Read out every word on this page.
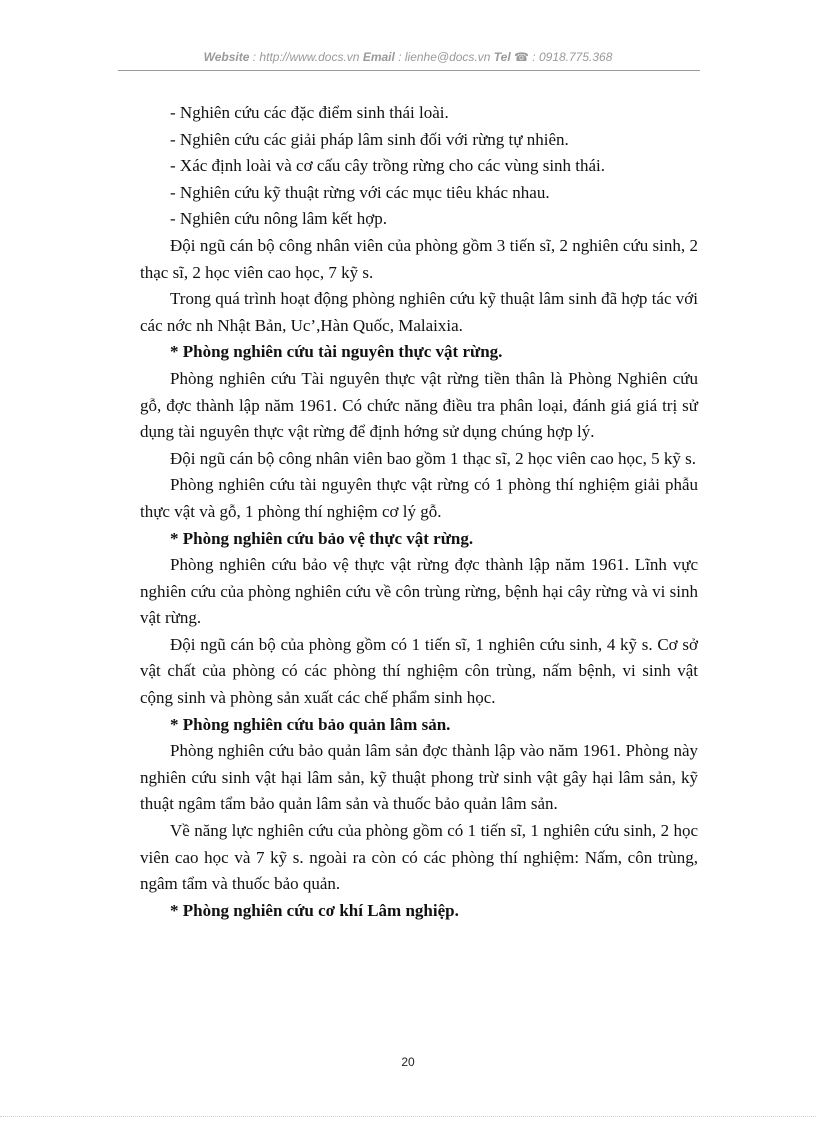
Website : http://www.docs.vn Email : lienhe@docs.vn Tel ☎ : 0918.775.368

- Nghiên cứu các đặc điểm sinh thái loài.

- Nghiên cứu các giải pháp lâm sinh đối với rừng tự nhiên.

- Xác định loài và cơ cấu cây trồng rừng cho các vùng sinh thái.

- Nghiên cứu kỹ thuật rừng với các mục tiêu khác nhau.

- Nghiên cứu nông lâm kết hợp.

Đội ngũ cán bộ công nhân viên của phòng gồm 3 tiến sĩ, 2 nghiên cứu sinh, 2 thạc sĩ, 2 học viên cao học, 7 kỹ s.

Trong quá trình hoạt động phòng nghiên cứu kỹ thuật lâm sinh đã hợp tác với các nớc nh Nhật Bản, Uc’,Hàn Quốc, Malaixia.

* Phòng nghiên cứu tài nguyên thực vật rừng.

Phòng nghiên cứu Tài nguyên thực vật rừng tiền thân là Phòng Nghiên cứu gỗ, đợc thành lập năm 1961. Có chức năng điều tra phân loại, đánh giá giá trị sử dụng tài nguyên thực vật rừng để định hớng sử dụng chúng hợp lý.

Đội ngũ cán bộ công nhân viên bao gồm 1 thạc sĩ, 2 học viên cao học, 5 kỹ s.

Phòng nghiên cứu tài nguyên thực vật rừng có 1 phòng thí nghiệm giải phẫu thực vật và gỗ, 1 phòng thí nghiệm cơ lý gỗ.

* Phòng nghiên cứu bảo vệ thực vật rừng.

Phòng nghiên cứu bảo vệ thực vật rừng đợc thành lập năm 1961. Lĩnh vực nghiên cứu của phòng nghiên cứu về côn trùng rừng, bệnh hại cây rừng và vi sinh vật rừng.

Đội ngũ cán bộ của phòng gồm có 1 tiến sĩ, 1 nghiên cứu sinh, 4 kỹ s. Cơ sở vật chất của phòng có các phòng thí nghiệm côn trùng, nấm bệnh, vi sinh vật cộng sinh và phòng sản xuất các chế phẩm sinh học.

* Phòng nghiên cứu bảo quản lâm sản.

Phòng nghiên cứu bảo quản lâm sản đợc thành lập vào năm 1961. Phòng này nghiên cứu sinh vật hại lâm sản, kỹ thuật phong trừ sinh vật gây hại lâm sản, kỹ thuật ngâm tẩm bảo quản lâm sản và thuốc bảo quản lâm sản.

Về năng lực nghiên cứu của phòng gồm có 1 tiến sĩ, 1 nghiên cứu sinh, 2 học viên cao học và 7 kỹ s. ngoài ra còn có các phòng thí nghiệm: Nấm, côn trùng, ngâm tẩm và thuốc bảo quản.

* Phòng nghiên cứu cơ khí Lâm nghiệp.

20
